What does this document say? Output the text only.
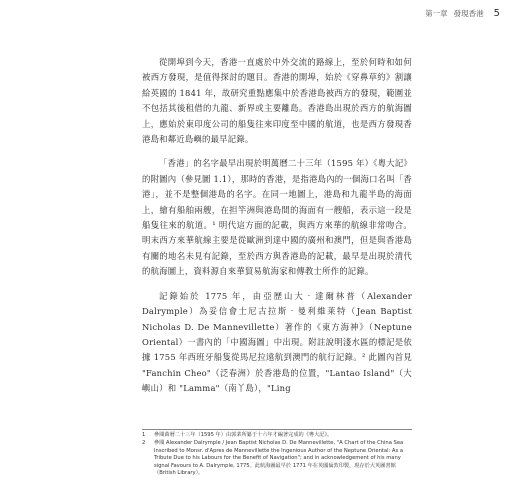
第一章 發現香港 5

從開埠到今天，香港一直處於中外交流的路線上，至於何時和如何被西方發現，是值得探討的題目。香港的開埠，始於《穿鼻草約》割讓給英國的 1841 年，故研究重點應集中於香港島被西方的發現，範圍並不包括其後租借的九龍、新界或主要離島。香港島出現於西方的航海圖上，應始於東印度公司的船隻往來印度至中國的航道，也是西方發現香港島和鄰近島嶼的最早記錄。

「香港」的名字最早出現於明萬曆二十三年（1595 年）《粵大記》的附圖內（參見圖 1.1），那時的香港，是指港島內的一個海口名叫「香港」，並不是整個港島的名字。在同一地圖上，港島和九龍半島的海面上，繪有船舶兩艘，在担竿洲與港島間的海面有一艘船，表示這一段是船隻往來的航道。¹ 明代這方面的記載，與西方來華的航線非常吻合。明末西方來華航線主要是從歐洲到達中國的廣州和澳門，但是與香港島有關的地名未見有記錄，至於西方與香港島的記載，最早是出現於清代的航海圖上，資料源自來華貿易航海家和傳教士所作的記錄。

記錄始於 1775 年，由亞歷山大‧達爾林普（Alexander Dalrymple）為妥信會士尼古拉斯‧曼利維莱特（Jean Baptist Nicholas D. De Mannevillette）著作的《東方海神》（Neptune Oriental）一書內的「中國海圖」中出現。附註說明淺水區的標記是依據 1755 年西班牙船隻從馬尼拉遠航到澳門的航行記錄。² 此圖內首見 "Fanchin Cheo"（泛春洲）於香港島的位置，"Lantao Island"（大嶼山）和 "Lamma"（南丫島），"Ling

1	參閱萬曆二十三年（1595 年）由郭棐所纂于十六年才編著完成的《粵大記》。
2	參閱 Alexander Dalrymple / Jean Baptist Nicholas D. De Mannevillette, "A Chart of the China Sea Inscribed to Monsr. d'Apres de Mannevillette the Ingenious Author of the Neptune Oriental: As a Tribute Due to his Labours for the Benefit of Navigation"; and in acknowledgement of his many signal Favours to A. Dalrymple, 1775。此航海圖最早於 1771 年在英國倫敦印製，現存於大英圖書館（British Library）。
